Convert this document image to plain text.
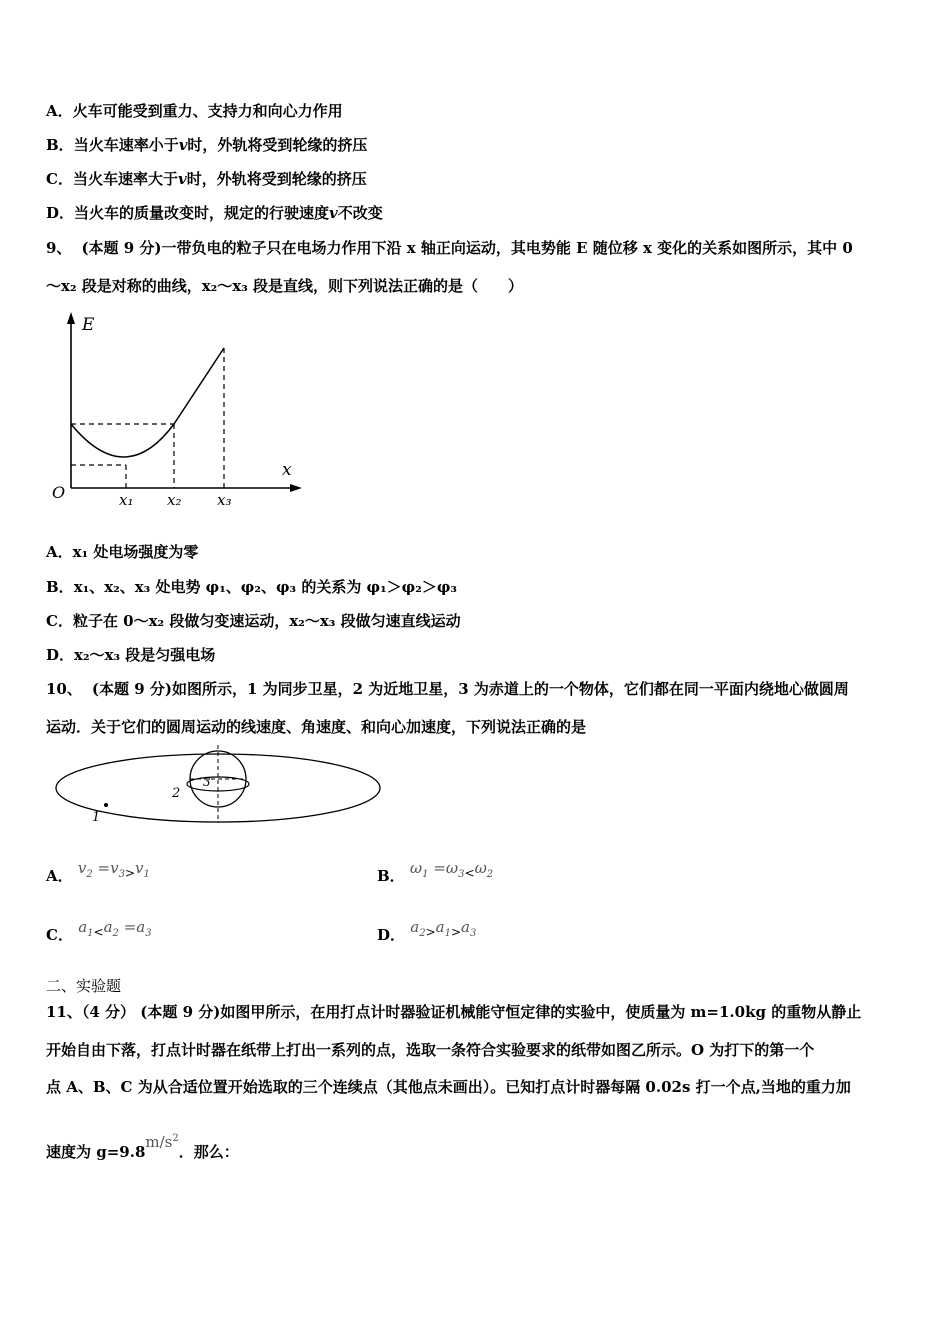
A．火车可能受到重力、支持力和向心力作用
B．当火车速率小于v时，外轨将受到轮缘的挤压
C．当火车速率大于v时，外轨将受到轮缘的挤压
D．当火车的质量改变时，规定的行驶速度v不改变
9、 (本题 9 分)一带负电的粒子只在电场力作用下沿 x 轴正向运动，其电势能 E 随位移 x 变化的关系如图所示，其中 0
～x₂ 段是对称的曲线，x₂～x₃ 段是直线，则下列说法正确的是（　　）
E
x
O	x₁ x₂ x₃
A．x₁ 处电场强度为零
B．x₁、x₂、x₃ 处电势 φ₁、φ₂、φ₃ 的关系为 φ₁＞φ₂＞φ₃
C．粒子在 0～x₂ 段做匀变速运动，x₂～x₃ 段做匀速直线运动
D．x₂～x₃ 段是匀强电场
10、 (本题 9 分)如图所示，1 为同步卫星，2 为近地卫星，3 为赤道上的一个物体，它们都在同一平面内绕地心做圆周
运动．关于它们的圆周运动的线速度、角速度、和向心加速度，下列说法正确的是
1
2
3
A． $v_2 =v_{3>}v_1$	B． $\omega_1 =\omega_{3<}\omega_2$
C． $a_{1<}a_2 =a_3$	D． $a_{2>}a_{1>}a_3$
二、实验题
11、（4 分） (本题 9 分)如图甲所示，在用打点计时器验证机械能守恒定律的实验中，使质量为 m=1.0kg 的重物从静止
开始自由下落，打点计时器在纸带上打出一系列的点，选取一条符合实验要求的纸带如图乙所示。O 为打下的第一个
点 A、B、C 为从合适位置开始选取的三个连续点（其他点未画出）。已知打点计时器每隔 0.02s 打一个点,当地的重力加
速度为 $g=9.8m/s^2$．那么：
